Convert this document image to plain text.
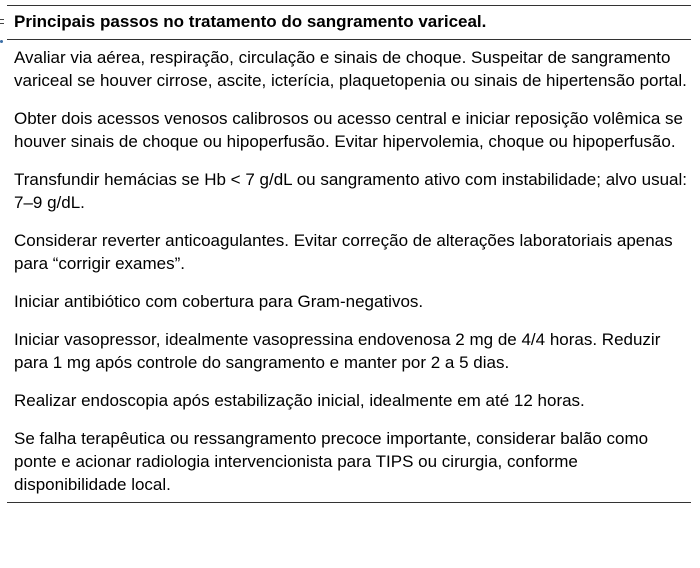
Principais passos no tratamento do sangramento variceal.
Avaliar via aérea, respiração, circulação e sinais de choque. Suspeitar de sangramento variceal se houver cirrose, ascite, icterícia, plaquetopenia ou sinais de hipertensão portal.
Obter dois acessos venosos calibrosos ou acesso central e iniciar reposição volêmica se houver sinais de choque ou hipoperfusão. Evitar hipervolemia, choque ou hipoperfusão.
Transfundir hemácias se Hb < 7 g/dL ou sangramento ativo com instabilidade; alvo usual: 7–9 g/dL.
Considerar reverter anticoagulantes. Evitar correção de alterações laboratoriais apenas para “corrigir exames”.
Iniciar antibiótico com cobertura para Gram-negativos.
Iniciar vasopressor, idealmente vasopressina endovenosa 2 mg de 4/4 horas. Reduzir para 1 mg após controle do sangramento e manter por 2 a 5 dias.
Realizar endoscopia após estabilização inicial, idealmente em até 12 horas.
Se falha terapêutica ou ressangramento precoce importante, considerar balão como ponte e acionar radiologia intervencionista para TIPS ou cirurgia, conforme disponibilidade local.
